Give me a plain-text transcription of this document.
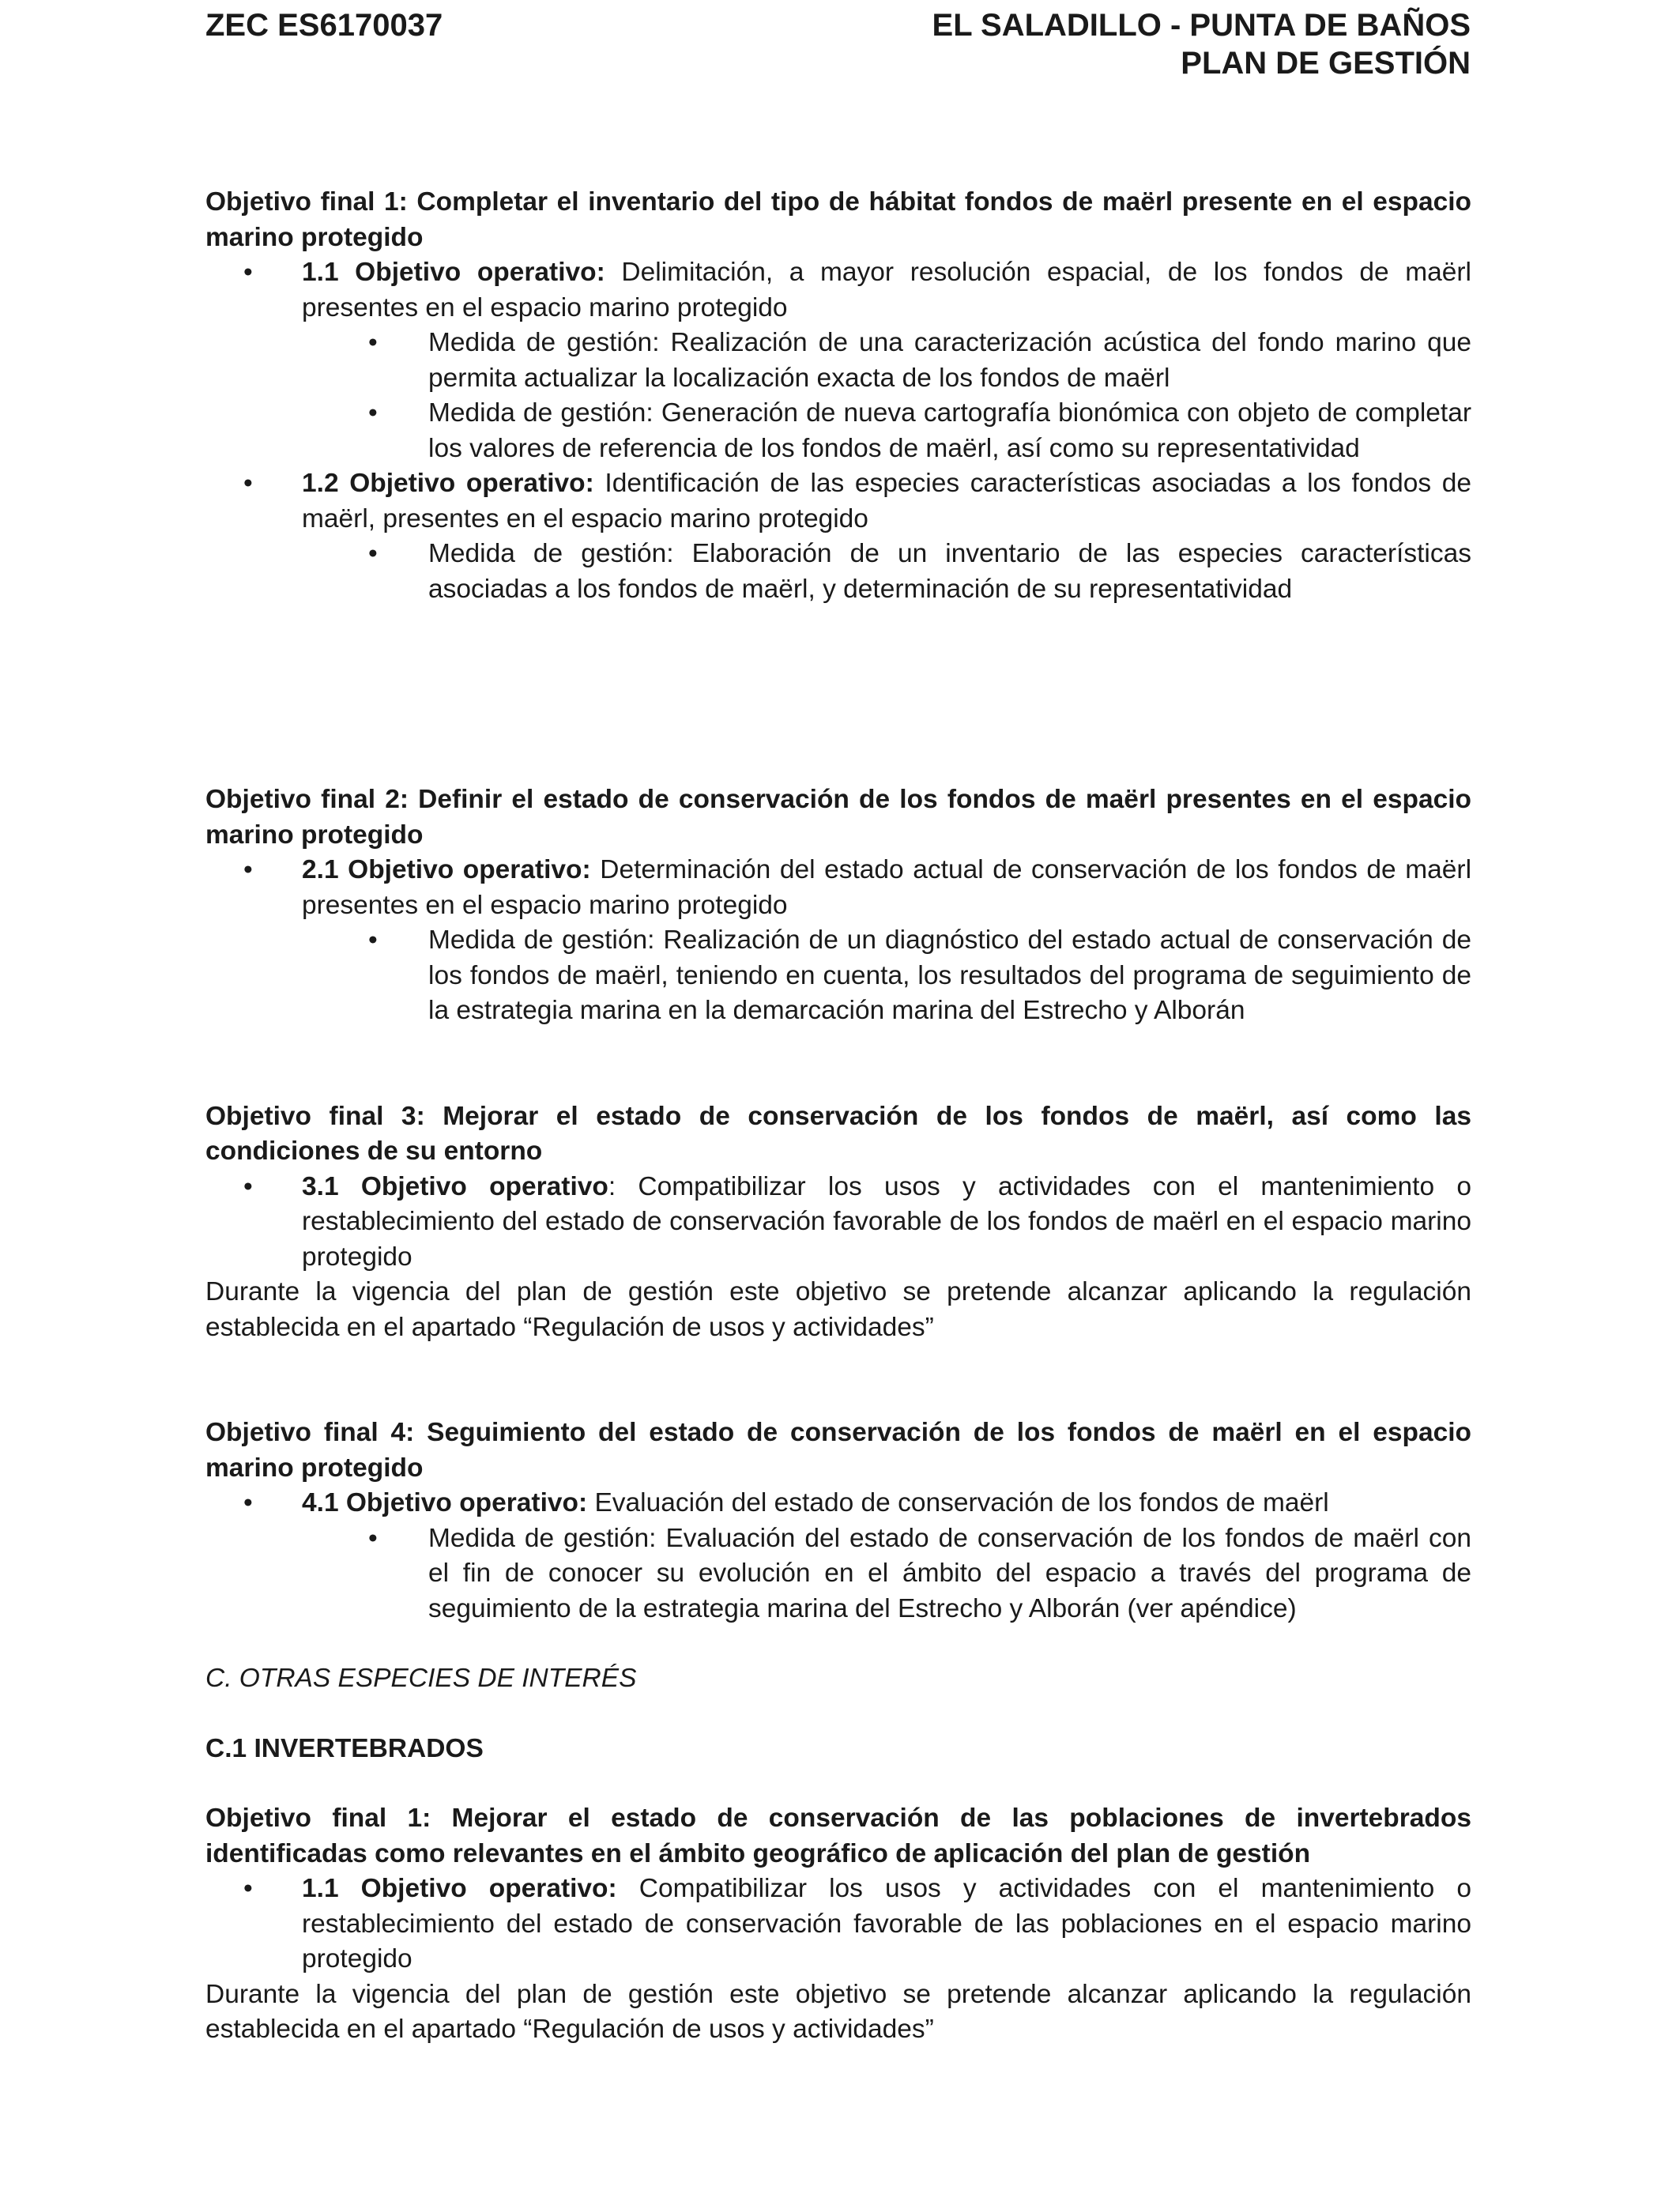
ZEC ES6170037	EL SALADILLO - PUNTA DE BAÑOS
PLAN DE GESTIÓN

Objetivo final 1: Completar el inventario del tipo de hábitat fondos de maërl presente en el espacio marino protegido

•	1.1 Objetivo operativo: Delimitación, a mayor resolución espacial, de los fondos de maërl presentes en el espacio marino protegido
•	Medida de gestión: Realización de una caracterización acústica del fondo marino que permita actualizar la localización exacta de los fondos de maërl
•	Medida de gestión: Generación de nueva cartografía bionómica con objeto de completar los valores de referencia de los fondos de maërl, así como su representatividad
•	1.2 Objetivo operativo: Identificación de las especies características asociadas a los fondos de maërl, presentes en el espacio marino protegido
•	Medida de gestión: Elaboración de un inventario de las especies características asociadas a los fondos de maërl, y determinación de su representatividad

Objetivo final 2: Definir el estado de conservación de los fondos de maërl presentes en el espacio marino protegido

•	2.1 Objetivo operativo: Determinación del estado actual de conservación de los fondos de maërl presentes en el espacio marino protegido
•	Medida de gestión: Realización de un diagnóstico del estado actual de conservación de los fondos de maërl, teniendo en cuenta, los resultados del programa de seguimiento de la estrategia marina en la demarcación marina del Estrecho y Alborán

Objetivo final 3: Mejorar el estado de conservación de los fondos de maërl, así como las condiciones de su entorno

•	3.1 Objetivo operativo: Compatibilizar los usos y actividades con el mantenimiento o restablecimiento del estado de conservación favorable de los fondos de maërl en el espacio marino protegido

Durante la vigencia del plan de gestión este objetivo se pretende alcanzar aplicando la regulación establecida en el apartado “Regulación de usos y actividades”

Objetivo final 4: Seguimiento del estado de conservación de los fondos de maërl en el espacio marino protegido

•	4.1 Objetivo operativo: Evaluación del estado de conservación de los fondos de maërl
•	Medida de gestión: Evaluación del estado de conservación de los fondos de maërl con el fin de conocer su evolución en el ámbito del espacio a través del programa de seguimiento de la estrategia marina del Estrecho y Alborán (ver apéndice)

C. OTRAS ESPECIES DE INTERÉS

C.1 INVERTEBRADOS

Objetivo final 1: Mejorar el estado de conservación de las poblaciones de invertebrados identificadas como relevantes en el ámbito geográfico de aplicación del plan de gestión

•	1.1 Objetivo operativo: Compatibilizar los usos y actividades con el mantenimiento o restablecimiento del estado de conservación favorable de las poblaciones en el espacio marino protegido

Durante la vigencia del plan de gestión este objetivo se pretende alcanzar aplicando la regulación establecida en el apartado “Regulación de usos y actividades”
